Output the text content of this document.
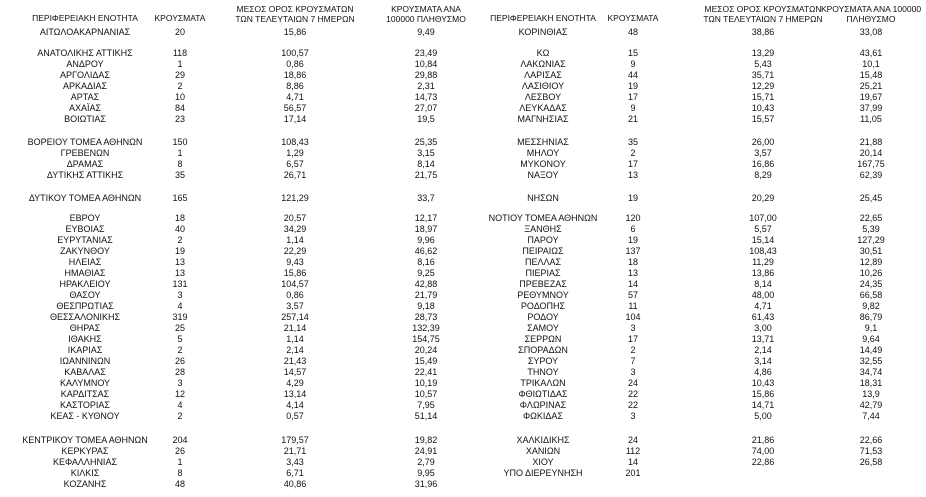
ΠΕΡΙΦΕΡΕΙΑΚΗ ΕΝΟΤΗΤΑ	ΚΡΟΥΣΜΑΤΑ
ΜΕΣΟΣ ΟΡΟΣ ΚΡΟΥΣΜΑΤΩΝ ΤΩΝ ΤΕΛΕΥΤΑΙΩΝ 7 ΗΜΕΡΩΝ
ΚΡΟΥΣΜΑΤΑ ΑΝΑ 100000 ΠΛΗΘΥΣΜΟ	ΠΕΡΙΦΕΡΕΙΑΚΗ ΕΝΟΤΗΤΑ	ΚΡΟΥΣΜΑΤΑ
ΜΕΣΟΣ ΟΡΟΣ ΚΡΟΥΣΜΑΤΩΝ ΤΩΝ ΤΕΛΕΥΤΑΙΩΝ 7 ΗΜΕΡΩΝ
ΚΡΟΥΣΜΑΤΑ ΑΝΑ 100000 ΠΛΗΘΥΣΜΟ
ΑΙΤΩΛΟΑΚΑΡΝΑΝΙΑΣ	20	15,86	9,49
ΑΝΑΤΟΛΙΚΗΣ ΑΤΤΙΚΗΣ	118	100,57	23,49
ΑΝΔΡΟΥ	1	0,86	10,84
ΑΡΓΟΛΙΔΑΣ	29	18,86	29,88
ΑΡΚΑΔΙΑΣ	2	8,86	2,31
ΑΡΤΑΣ	10	4,71	14,73
ΑΧΑΪΑΣ	84	56,57	27,07
ΒΟΙΩΤΙΑΣ	23	17,14	19,5
ΒΟΡΕΙΟΥ ΤΟΜΕΑ ΑΘΗΝΩΝ	150	108,43	25,35
ΓΡΕΒΕΝΩΝ	1	1,29	3,15
ΔΡΑΜΑΣ	8	6,57	8,14
ΔΥΤΙΚΗΣ ΑΤΤΙΚΗΣ	35	26,71	21,75
ΔΥΤΙΚΟΥ ΤΟΜΕΑ ΑΘΗΝΩΝ	165	121,29	33,7
ΕΒΡΟΥ	18	20,57	12,17
ΕΥΒΟΙΑΣ	40	34,29	18,97
ΕΥΡΥΤΑΝΙΑΣ	2	1,14	9,96
ΖΑΚΥΝΘΟΥ	19	22,29	46,62
ΗΛΕΙΑΣ	13	9,43	8,16
ΗΜΑΘΙΑΣ	13	15,86	9,25
ΗΡΑΚΛΕΙΟΥ	131	104,57	42,88
ΘΑΣΟΥ	3	0,86	21,79
ΘΕΣΠΡΩΤΙΑΣ	4	3,57	9,18
ΘΕΣΣΑΛΟΝΙΚΗΣ	319	257,14	28,73
ΘΗΡΑΣ	25	21,14	132,39
ΙΘΑΚΗΣ	5	1,14	154,75
ΙΚΑΡΙΑΣ	2	2,14	20,24
ΙΩΑΝΝΙΝΩΝ	26	21,43	15,49
ΚΑΒΑΛΑΣ	28	14,57	22,41
ΚΑΛΥΜΝΟΥ	3	4,29	10,19
ΚΑΡΔΙΤΣΑΣ	12	13,14	10,57
ΚΑΣΤΟΡΙΑΣ	4	4,14	7,95
ΚΕΑΣ - ΚΥΘΝΟΥ	2	0,57	51,14
ΚΕΝΤΡΙΚΟΥ ΤΟΜΕΑ ΑΘΗΝΩΝ	204	179,57	19,82
ΚΕΡΚΥΡΑΣ	26	21,71	24,91
ΚΕΦΑΛΛΗΝΙΑΣ	1	3,43	2,79
ΚΙΛΚΙΣ	8	6,71	9,95
ΚΟΖΑΝΗΣ	48	40,86	31,96
ΚΟΡΙΝΘΙΑΣ	48	38,86	33,08
ΚΩ	15	13,29	43,61
ΛΑΚΩΝΙΑΣ	9	5,43	10,1
ΛΑΡΙΣΑΣ	44	35,71	15,48
ΛΑΣΙΘΙΟΥ	19	12,29	25,21
ΛΕΣΒΟΥ	17	15,71	19,67
ΛΕΥΚΑΔΑΣ	9	10,43	37,99
ΜΑΓΝΗΣΙΑΣ	21	15,57	11,05
ΜΕΣΣΗΝΙΑΣ	35	26,00	21,88
ΜΗΛΟΥ	2	3,57	20,14
ΜΥΚΟΝΟΥ	17	16,86	167,75
ΝΑΞΟΥ	13	8,29	62,39
ΝΗΣΩΝ	19	20,29	25,45
ΝΟΤΙΟΥ ΤΟΜΕΑ ΑΘΗΝΩΝ	120	107,00	22,65
ΞΑΝΘΗΣ	6	5,57	5,39
ΠΑΡΟΥ	19	15,14	127,29
ΠΕΙΡΑΙΩΣ	137	108,43	30,51
ΠΕΛΛΑΣ	18	11,29	12,89
ΠΙΕΡΙΑΣ	13	13,86	10,26
ΠΡΕΒΕΖΑΣ	14	8,14	24,35
ΡΕΘΥΜΝΟΥ	57	48,00	66,58
ΡΟΔΟΠΗΣ	11	4,71	9,82
ΡΟΔΟΥ	104	61,43	86,79
ΣΑΜΟΥ	3	3,00	9,1
ΣΕΡΡΩΝ	17	13,71	9,64
ΣΠΟΡΑΔΩΝ	2	2,14	14,49
ΣΥΡΟΥ	7	3,14	32,55
ΤΗΝΟΥ	3	4,86	34,74
ΤΡΙΚΑΛΩΝ	24	10,43	18,31
ΦΘΙΩΤΙΔΑΣ	22	15,86	13,9
ΦΛΩΡΙΝΑΣ	22	14,71	42,79
ΦΩΚΙΔΑΣ	3	5,00	7,44
ΧΑΛΚΙΔΙΚΗΣ	24	21,86	22,66
ΧΑΝΙΩΝ	112	74,00	71,53
ΧΙΟΥ	14	22,86	26,58
ΥΠΟ ΔΙΕΡΕΥΝΗΣΗ	201
